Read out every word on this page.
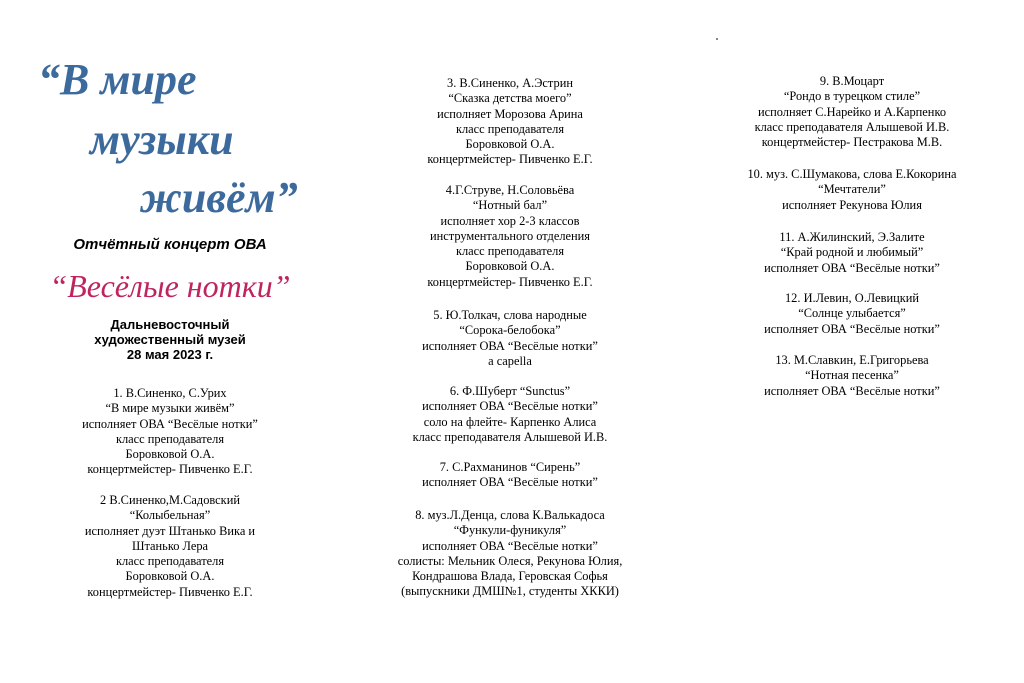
“В мире
музыки
живём”
Отчётный концерт ОВА
“Весёлые нотки”
Дальневосточный
художественный музей
28 мая 2023 г.
1. В.Синенко, С.Урих
“В мире музыки живём”
исполняет ОВА “Весёлые нотки”
класс преподавателя
Боровковой О.А.
концертмейстер- Пивченко Е.Г.
2 В.Синенко,М.Садовский
“Колыбельная”
исполняет дуэт Штанько Вика и
Штанько Лера
класс преподавателя
Боровковой О.А.
концертмейстер- Пивченко Е.Г.
3. В.Синенко, А.Эстрин
“Сказка детства моего”
исполняет Морозова Арина
класс преподавателя
Боровковой О.А.
концертмейстер- Пивченко Е.Г.
4.Г.Струве, Н.Соловьёва
“Нотный бал”
исполняет хор 2-3 классов
инструментального отделения
класс преподавателя
Боровковой О.А.
концертмейстер- Пивченко Е.Г.
5. Ю.Толкач, слова народные
“Сорока-белобока”
исполняет ОВА “Весёлые нотки”
a capella
6. Ф.Шуберт “Sunctus”
исполняет ОВА “Весёлые нотки”
соло на флейте- Карпенко Алиса
класс преподавателя Алышевой И.В.
7. С.Рахманинов “Сирень”
исполняет ОВА “Весёлые нотки”
8. муз.Л.Денца, слова К.Валькадоса
“Функули-фуникуля”
исполняет ОВА “Весёлые нотки”
солисты: Мельник Олеся, Рекунова Юлия,
Кондрашова Влада, Геровская Софья
(выпускники ДМШ№1, студенты ХККИ)
9. В.Моцарт
“Рондо в турецком стиле”
исполняет С.Нарейко и А.Карпенко
класс преподавателя Алышевой И.В.
концертмейстер- Пестракова М.В.
10. муз. С.Шумакова, слова Е.Кокорина
“Мечтатели”
исполняет Рекунова Юлия
11. А.Жилинский, Э.Залите
“Край родной и любимый”
исполняет ОВА “Весёлые нотки”
12. И.Левин, О.Левицкий
“Солнце улыбается”
исполняет ОВА “Весёлые нотки”
13. М.Славкин, Е.Григорьева
“Нотная песенка”
исполняет ОВА “Весёлые нотки”
